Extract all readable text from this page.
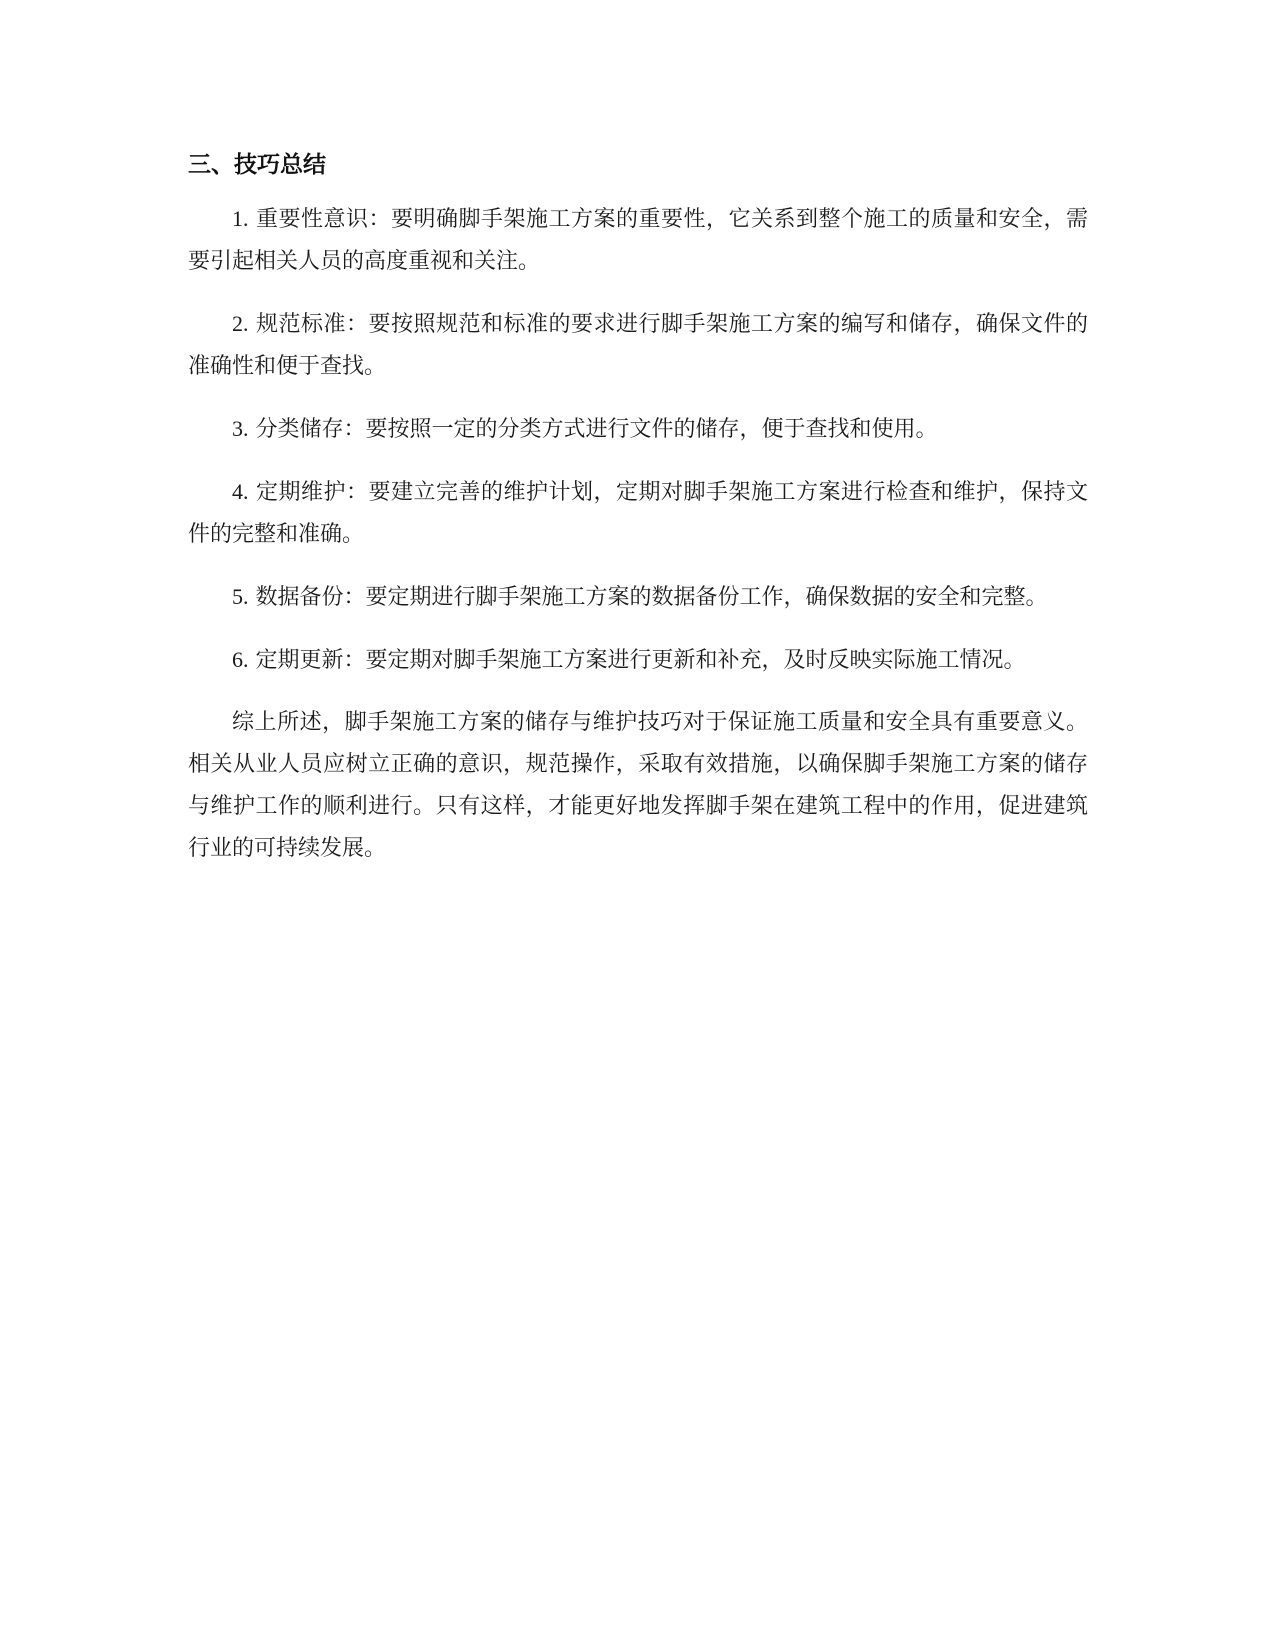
三、技巧总结

1. 重要性意识：要明确脚手架施工方案的重要性，它关系到整个施工的质量和安全，需要引起相关人员的高度重视和关注。

2. 规范标准：要按照规范和标准的要求进行脚手架施工方案的编写和储存，确保文件的准确性和便于查找。

3. 分类储存：要按照一定的分类方式进行文件的储存，便于查找和使用。

4. 定期维护：要建立完善的维护计划，定期对脚手架施工方案进行检查和维护，保持文件的完整和准确。

5. 数据备份：要定期进行脚手架施工方案的数据备份工作，确保数据的安全和完整。

6. 定期更新：要定期对脚手架施工方案进行更新和补充，及时反映实际施工情况。

综上所述，脚手架施工方案的储存与维护技巧对于保证施工质量和安全具有重要意义。相关从业人员应树立正确的意识，规范操作，采取有效措施，以确保脚手架施工方案的储存与维护工作的顺利进行。只有这样，才能更好地发挥脚手架在建筑工程中的作用，促进建筑行业的可持续发展。
